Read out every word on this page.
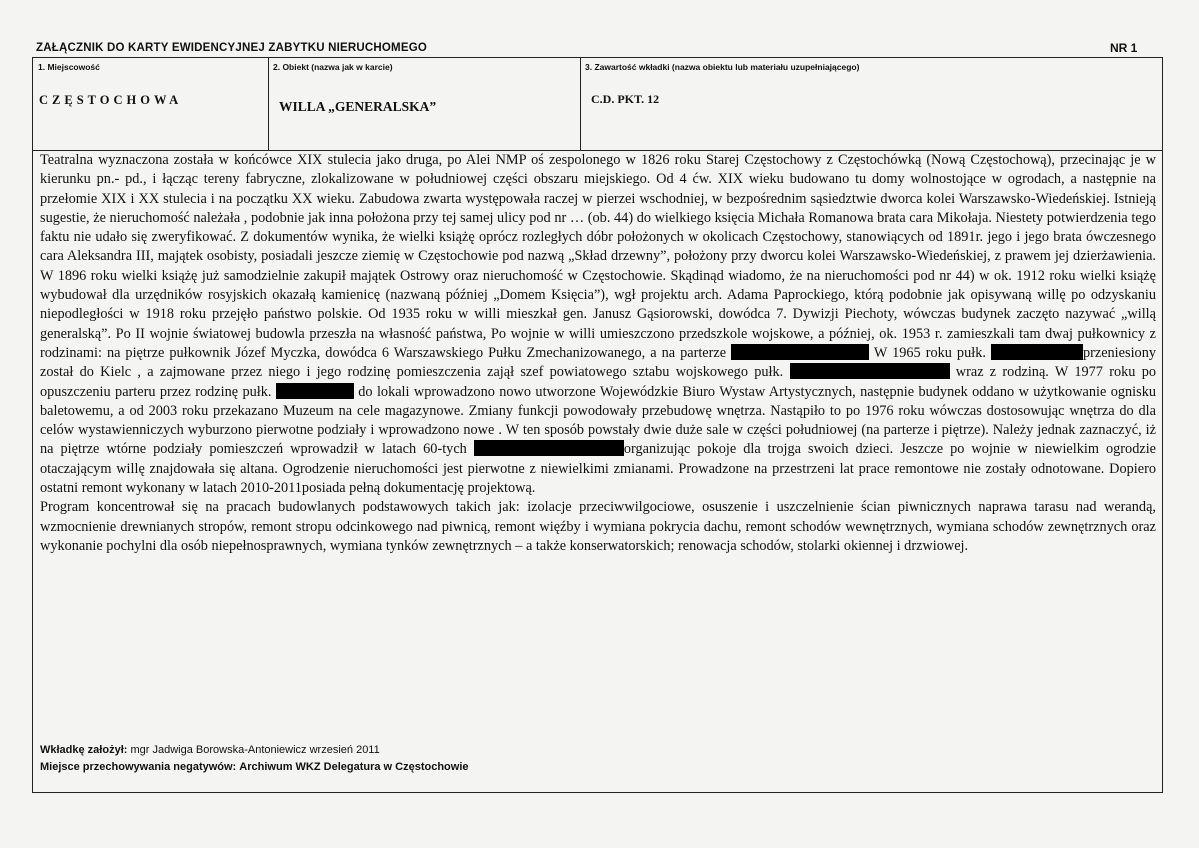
ZAŁĄCZNIK DO KARTY EWIDENCYJNEJ ZABYTKU NIERUCHOMEGO	NR 1
1. Miejscowość
CZĘSTOCHOWA
2. Obiekt (nazwa jak w karcie)
WILLA „GENERALSKA”
3. Zawartość wkładki (nazwa obiektu lub materiału uzupełniającego)
C.D. PKT. 12

Teatralna wyznaczona została w końcówce XIX stulecia jako druga, po Alei NMP oś zespolonego w 1826 roku Starej Częstochowy z Częstochówką (Nową Częstochową), przecinając je w kierunku pn.- pd., i łącząc tereny fabryczne, zlokalizowane w południowej części obszaru miejskiego. Od 4 ćw. XIX wieku budowano tu domy wolnostojące w ogrodach, a następnie na przełomie XIX i XX stulecia i na początku XX wieku. Zabudowa zwarta występowała raczej w pierzei wschodniej, w bezpośrednim sąsiedztwie dworca kolei Warszawsko-Wiedeńskiej. Istnieją sugestie, że nieruchomość należała , podobnie jak inna położona przy tej samej ulicy pod nr … (ob. 44) do wielkiego księcia Michała Romanowa brata cara Mikołaja. Niestety potwierdzenia tego faktu nie udało się zweryfikować. Z dokumentów wynika, że wielki książę oprócz rozległych dóbr położonych w okolicach Częstochowy, stanowiących od 1891r. jego i jego brata ówczesnego cara Aleksandra III, majątek osobisty, posiadali jeszcze ziemię w Częstochowie pod nazwą „Skład drzewny”, położony przy dworcu kolei Warszawsko-Wiedeńskiej, z prawem jej dzierżawienia. W 1896 roku wielki książę już samodzielnie zakupił majątek Ostrowy oraz nieruchomość w Częstochowie. Skądinąd wiadomo, że na nieruchomości pod nr 44) w ok. 1912 roku wielki książę wybudował dla urzędników rosyjskich okazałą kamienicę (nazwaną później „Domem Księcia”), wgł projektu arch. Adama Paprockiego, którą podobnie jak opisywaną willę po odzyskaniu niepodległości w 1918 roku przejęło państwo polskie. Od 1935 roku w willi mieszkał gen. Janusz Gąsiorowski, dowódca 7. Dywizji Piechoty, wówczas budynek zaczęto nazywać „willą generalską”. Po II wojnie światowej budowla przeszła na własność państwa, Po wojnie w willi umieszczono przedszkole wojskowe, a później, ok. 1953 r. zamieszkali tam dwaj pułkownicy z rodzinami: na piętrze pułkownik Józef Myczka, dowódca 6 Warszawskiego Pułku Zmechanizowanego, a na parterze	W 1965 roku pułk.	przeniesiony został do Kielc , a zajmowane przez niego i jego rodzinę pomieszczenia zajął szef powiatowego sztabu wojskowego pułk.	wraz z rodziną. W 1977 roku po opuszczeniu parteru przez rodzinę pułk.	do lokali wprowadzono nowo utworzone Wojewódzkie Biuro Wystaw Artystycznych, następnie budynek oddano w użytkowanie ognisku baletowemu, a od 2003 roku przekazano Muzeum na cele magazynowe. Zmiany funkcji powodowały przebudowę wnętrza. Nastąpiło to po 1976 roku wówczas dostosowując wnętrza do dla celów wystawienniczych wyburzono pierwotne podziały i wprowadzono nowe . W ten sposób powstały dwie duże sale w części południowej (na parterze i piętrze). Należy jednak zaznaczyć, iż na piętrze wtórne podziały pomieszczeń wprowadził w latach 60-tych	organizując pokoje dla trojga swoich dzieci. Jeszcze po wojnie w niewielkim ogrodzie otaczającym willę znajdowała się altana. Ogrodzenie nieruchomości jest pierwotne z niewielkimi zmianami. Prowadzone na przestrzeni lat prace remontowe nie zostały odnotowane. Dopiero ostatni remont wykonany w latach 2010-2011posiada pełną dokumentację projektową.

Program koncentrował się na pracach budowlanych podstawowych takich jak: izolacje przeciwwilgociowe, osuszenie i uszczelnienie ścian piwnicznych naprawa tarasu nad werandą, wzmocnienie drewnianych stropów, remont stropu odcinkowego nad piwnicą, remont więźby i wymiana pokrycia dachu, remont schodów wewnętrznych, wymiana schodów zewnętrznych oraz wykonanie pochylni dla osób niepełnosprawnych, wymiana tynków zewnętrznych – a także konserwatorskich; renowacja schodów, stolarki okiennej i drzwiowej.

Wkładkę założył: mgr Jadwiga Borowska-Antoniewicz wrzesień 2011
Miejsce przechowywania negatywów: Archiwum WKZ Delegatura w Częstochowie
